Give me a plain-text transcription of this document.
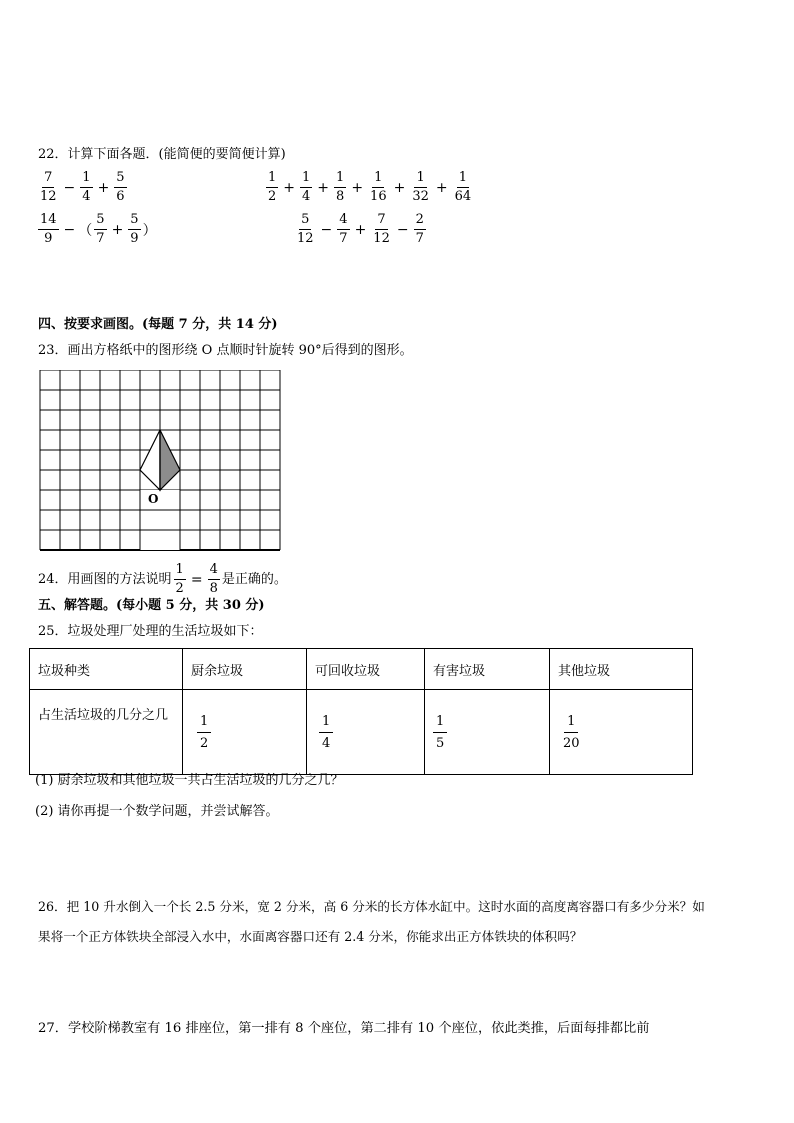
22．计算下面各题．(能简便的要简便计算)
$\frac{7}{12} - \frac{1}{4} + \frac{5}{6}$	$\frac{1}{2} + \frac{1}{4} + \frac{1}{8} + \frac{1}{16} + \frac{1}{32} + \frac{1}{64}$
$\frac{14}{9}$ − （ $\frac{5}{7} + \frac{5}{9}$ ）	$\frac{5}{12} - \frac{4}{7} + \frac{7}{12} - \frac{2}{7}$
四、按要求画图。(每题 7 分，共 14 分)
23．画出方格纸中的图形绕 O 点顺时针旋转 90°后得到的图形。
O
24．用画图的方法说明 $\frac{1}{2} = \frac{4}{8}$ 是正确的。
五、解答题。(每小题 5 分，共 30 分)
25．垃圾处理厂处理的生活垃圾如下：
垃圾种类	厨余垃圾	可回收垃圾	有害垃圾	其他垃圾
占生活垃圾的几分之几	$\frac{1}{2}$	$\frac{1}{4}$	$\frac{1}{5}$	$\frac{1}{20}$
(1) 厨余垃圾和其他垃圾一共占生活垃圾的几分之几？
(2) 请你再提一个数学问题，并尝试解答。
26．把 10 升水倒入一个长 2.5 分米，宽 2 分米，高 6 分米的长方体水缸中。这时水面的高度离容器口有多少分米？如
果将一个正方体铁块全部浸入水中，水面离容器口还有 2.4 分米，你能求出正方体铁块的体积吗？
27．学校阶梯教室有 16 排座位，第一排有 8 个座位，第二排有 10 个座位，依此类推，后面每排都比前
